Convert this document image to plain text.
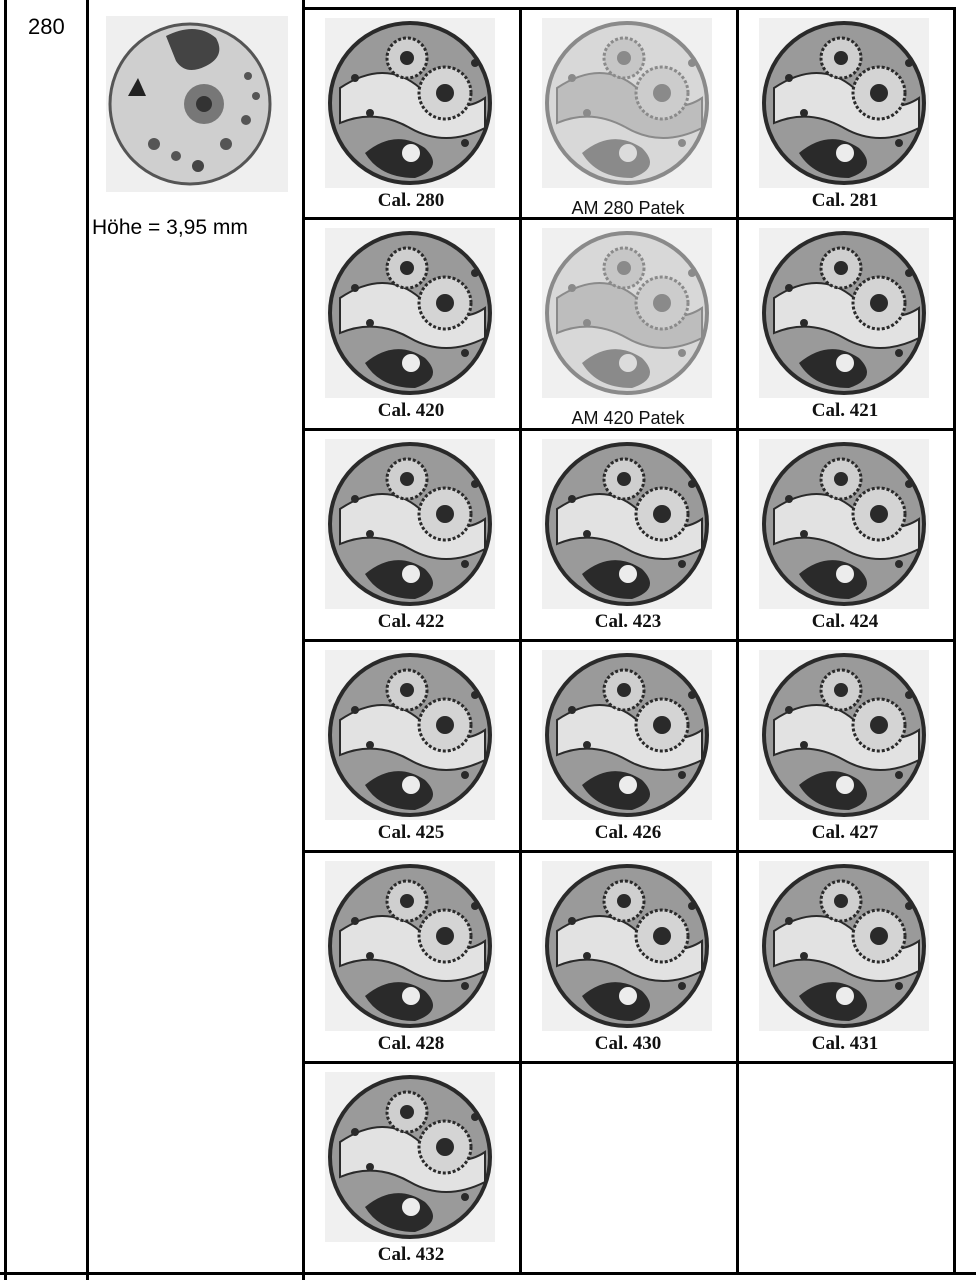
280
Höhe = 3,95 mm
Cal. 280	AM 280 Patek	Cal. 281
Cal. 420	AM 420 Patek	Cal. 421
Cal. 422	Cal. 423	Cal. 424
Cal. 425	Cal. 426	Cal. 427
Cal. 428	Cal. 430	Cal. 431
Cal. 432
